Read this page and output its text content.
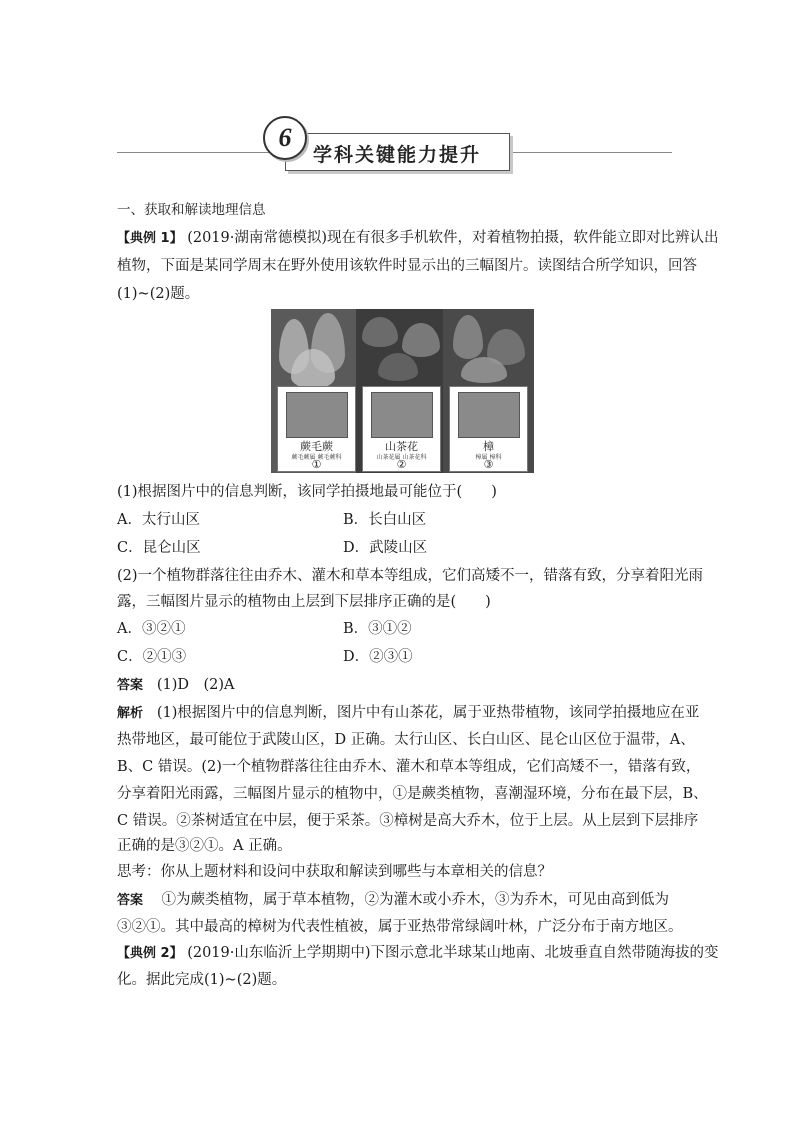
6
学科关键能力提升
一、获取和解读地理信息
【典例 1】 (2019·湖南常德模拟)现在有很多手机软件，对着植物拍摄，软件能立即对比辨认出
植物，下面是某同学周末在野外使用该软件时显示出的三幅图片。读图结合所学知识，回答
(1)~(2)题。
蕨毛蕨
蕨毛蕨属 蕨毛蕨科
①
山茶花
山茶花属 山茶花科
②
樟
樟属 樟科
③
(1)根据图片中的信息判断，该同学拍摄地最可能位于(　　)
A．太行山区	B．长白山区
C．昆仑山区	D．武陵山区
(2)一个植物群落往往由乔木、灌木和草本等组成，它们高矮不一，错落有致，分享着阳光雨
露，三幅图片显示的植物由上层到下层排序正确的是(　　)
A．③②①	B．③①②
C．②①③	D．②③①
答案 (1)D　(2)A
解析 (1)根据图片中的信息判断，图片中有山茶花，属于亚热带植物，该同学拍摄地应在亚
热带地区，最可能位于武陵山区，D 正确。太行山区、长白山区、昆仑山区位于温带，A、
B、C 错误。(2)一个植物群落往往由乔木、灌木和草本等组成，它们高矮不一，错落有致，
分享着阳光雨露，三幅图片显示的植物中，①是蕨类植物，喜潮湿环境，分布在最下层，B、
C 错误。②茶树适宜在中层，便于采茶。③樟树是高大乔木，位于上层。从上层到下层排序
正确的是③②①。A 正确。
思考：你从上题材料和设问中获取和解读到哪些与本章相关的信息？
答案 ①为蕨类植物，属于草本植物，②为灌木或小乔木，③为乔木，可见由高到低为
③②①。其中最高的樟树为代表性植被，属于亚热带常绿阔叶林，广泛分布于南方地区。
【典例 2】 (2019·山东临沂上学期期中)下图示意北半球某山地南、北坡垂直自然带随海拔的变
化。据此完成(1)~(2)题。
